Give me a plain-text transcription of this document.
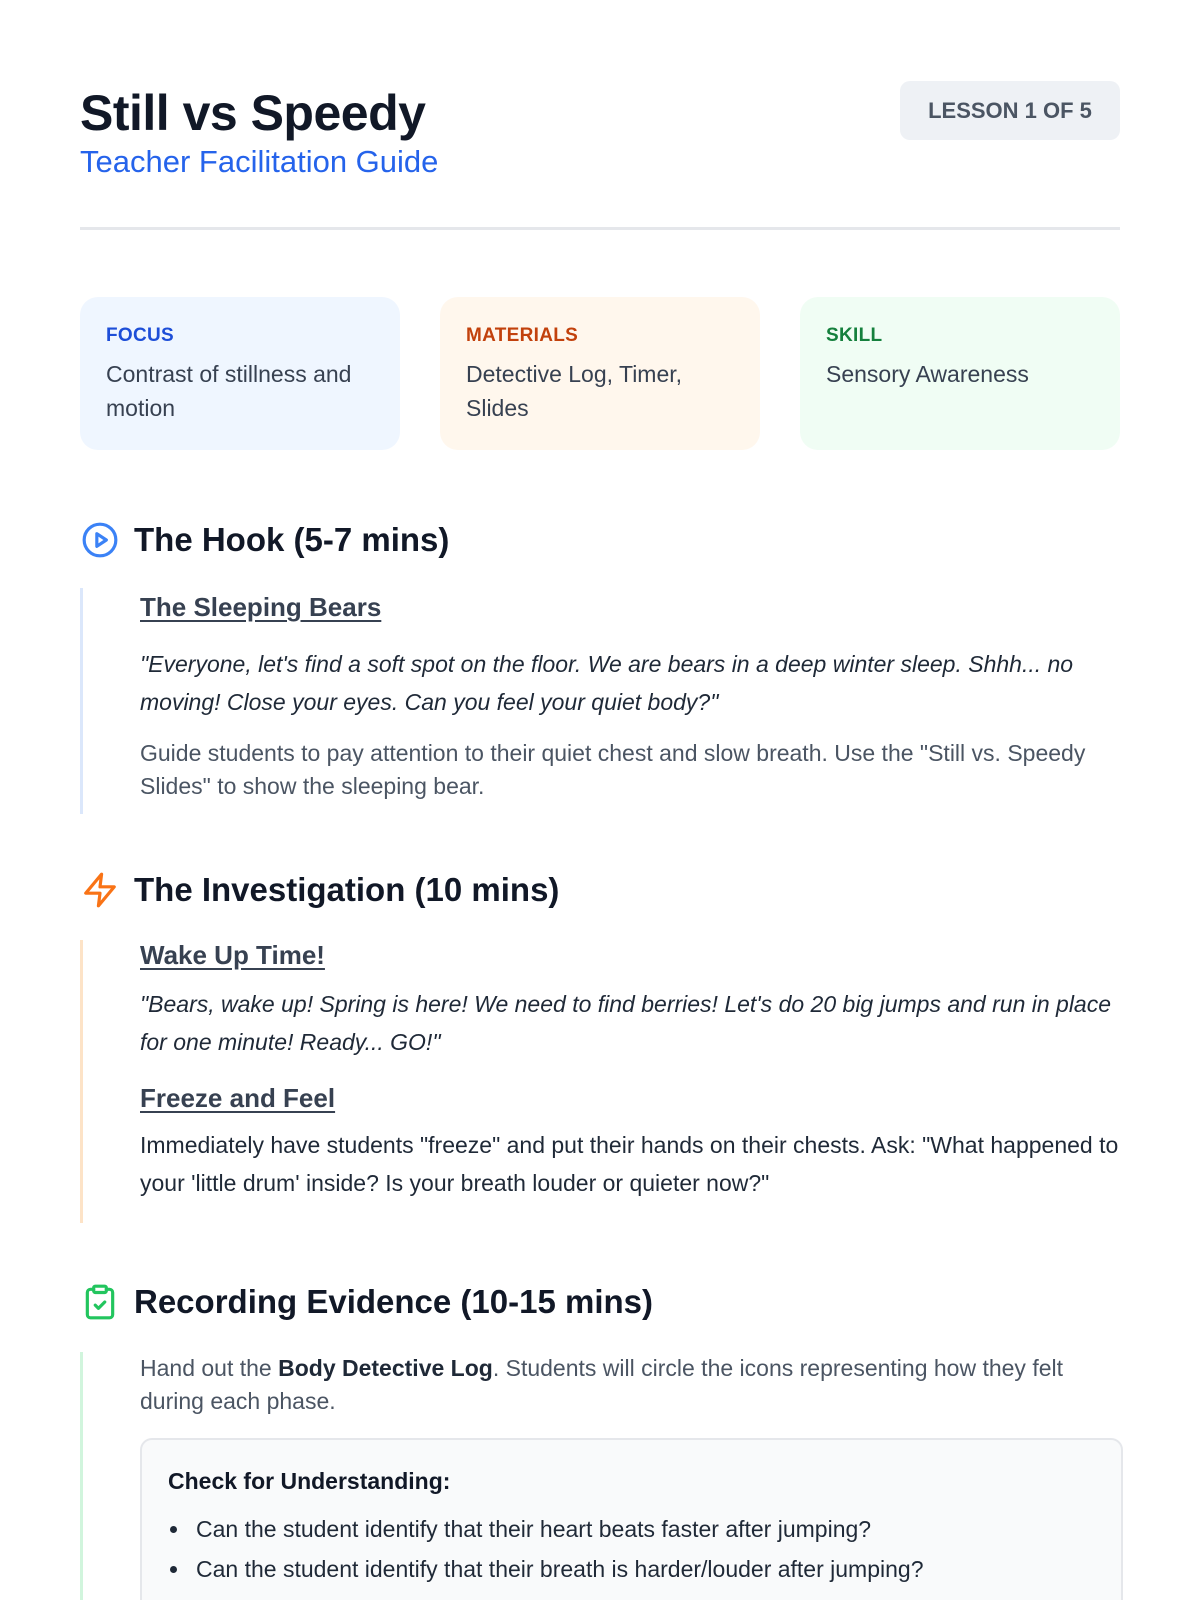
Still vs Speedy
Teacher Facilitation Guide
LESSON 1 OF 5
FOCUS
Contrast of stillness and motion
MATERIALS
Detective Log, Timer, Slides
SKILL
Sensory Awareness
The Hook (5-7 mins)
The Sleeping Bears
"Everyone, let's find a soft spot on the floor. We are bears in a deep winter sleep. Shhh... no moving! Close your eyes. Can you feel your quiet body?"
Guide students to pay attention to their quiet chest and slow breath. Use the "Still vs. Speedy Slides" to show the sleeping bear.
The Investigation (10 mins)
Wake Up Time!
"Bears, wake up! Spring is here! We need to find berries! Let's do 20 big jumps and run in place for one minute! Ready... GO!"
Freeze and Feel
Immediately have students "freeze" and put their hands on their chests. Ask: "What happened to your 'little drum' inside? Is your breath louder or quieter now?"
Recording Evidence (10-15 mins)
Hand out the Body Detective Log. Students will circle the icons representing how they felt during each phase.
Check for Understanding:
Can the student identify that their heart beats faster after jumping?
Can the student identify that their breath is harder/louder after jumping?
